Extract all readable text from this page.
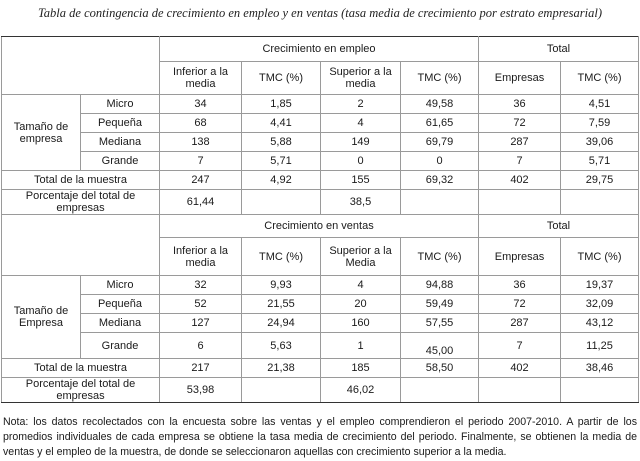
Tabla de contingencia de crecimiento en empleo y en ventas (tasa media de crecimiento por estrato empresarial)
		Crecimiento en empleo				Total	
		Inferior a la media	TMC (%)	Superior a la media	TMC (%)	Empresas	TMC (%)
Tamaño de empresa	Micro	34	1,85	2	49,58	36	4,51
	Pequeña	68	4,41	4	61,65	72	7,59
	Mediana	138	5,88	149	69,79	287	39,06
	Grande	7	5,71	0	0	7	5,71
Total de la muestra		247	4,92	155	69,32	402	29,75
Porcentaje del total de empresas		61,44		38,5			
		Crecimiento en ventas				Total	
		Inferior a la media	TMC (%)	Superior a la Media	TMC (%)	Empresas	TMC (%)
Tamaño de Empresa	Micro	32	9,93	4	94,88	36	19,37
	Pequeña	52	21,55	20	59,49	72	32,09
	Mediana	127	24,94	160	57,55	287	43,12
	Grande	6	5,63	1	45,00	7	11,25
Total de la muestra		217	21,38	185	58,50	402	38,46
Porcentaje del total de empresas		53,98		46,02			
Nota: los datos recolectados con la encuesta sobre las ventas y el empleo comprendieron el periodo 2007-2010. A partir de los promedios individuales de cada empresa se obtiene la tasa media de crecimiento del periodo. Finalmente, se obtienen la media de ventas y el empleo de la muestra, de donde se seleccionaron aquellas con crecimiento superior a la media.
